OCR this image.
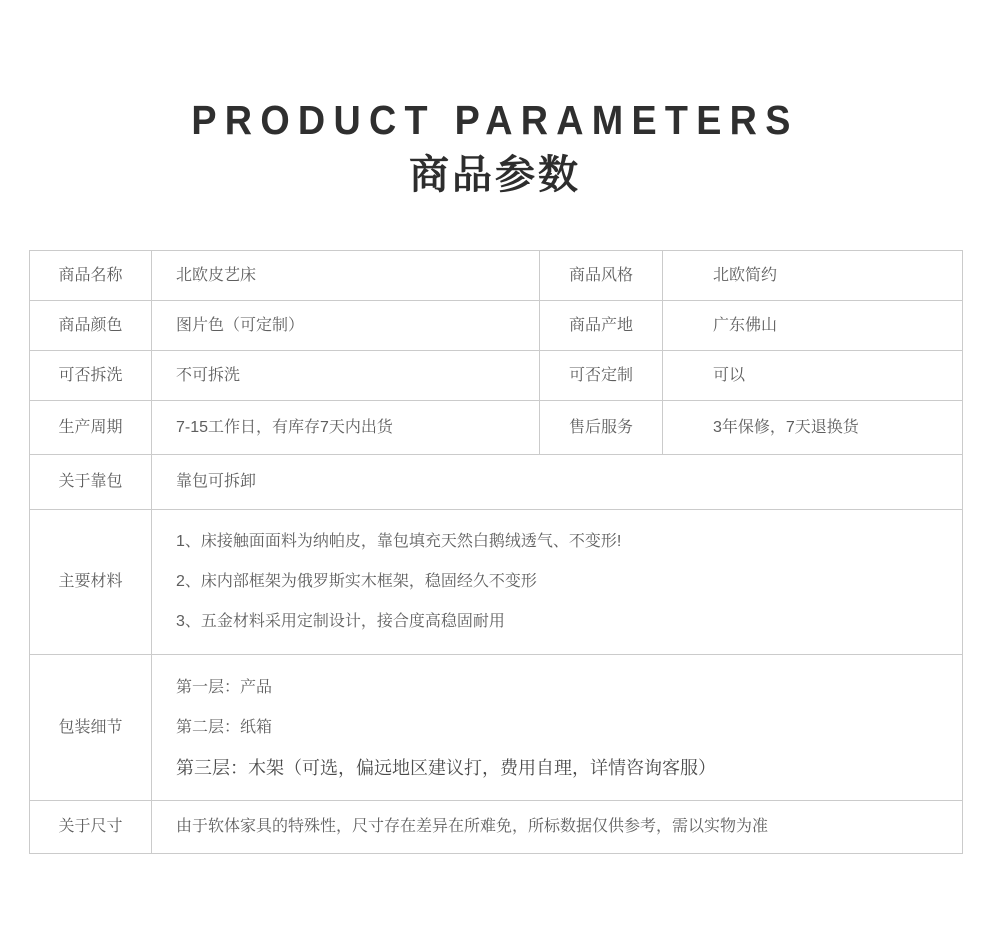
PRODUCT PARAMETERS
商品参数
商品名称	北欧皮艺床	商品风格	北欧简约
商品颜色	图片色（可定制）	商品产地	广东佛山
可否拆洗	不可拆洗	可否定制	可以
生产周期	7-15工作日，有库存7天内出货	售后服务	3年保修，7天退换货
关于靠包	靠包可拆卸		
主要材料	1、床接触面面料为纳帕皮，靠包填充天然白鹅绒透气、不变形!
2、床内部框架为俄罗斯实木框架，稳固经久不变形
3、五金材料采用定制设计，接合度高稳固耐用		

包装细节	第一层：产品
第二层：纸箱
第三层：木架（可选，偏远地区建议打，费用自理，详情咨询客服）		

关于尺寸	由于软体家具的特殊性，尺寸存在差异在所难免，所标数据仅供参考，需以实物为准		
